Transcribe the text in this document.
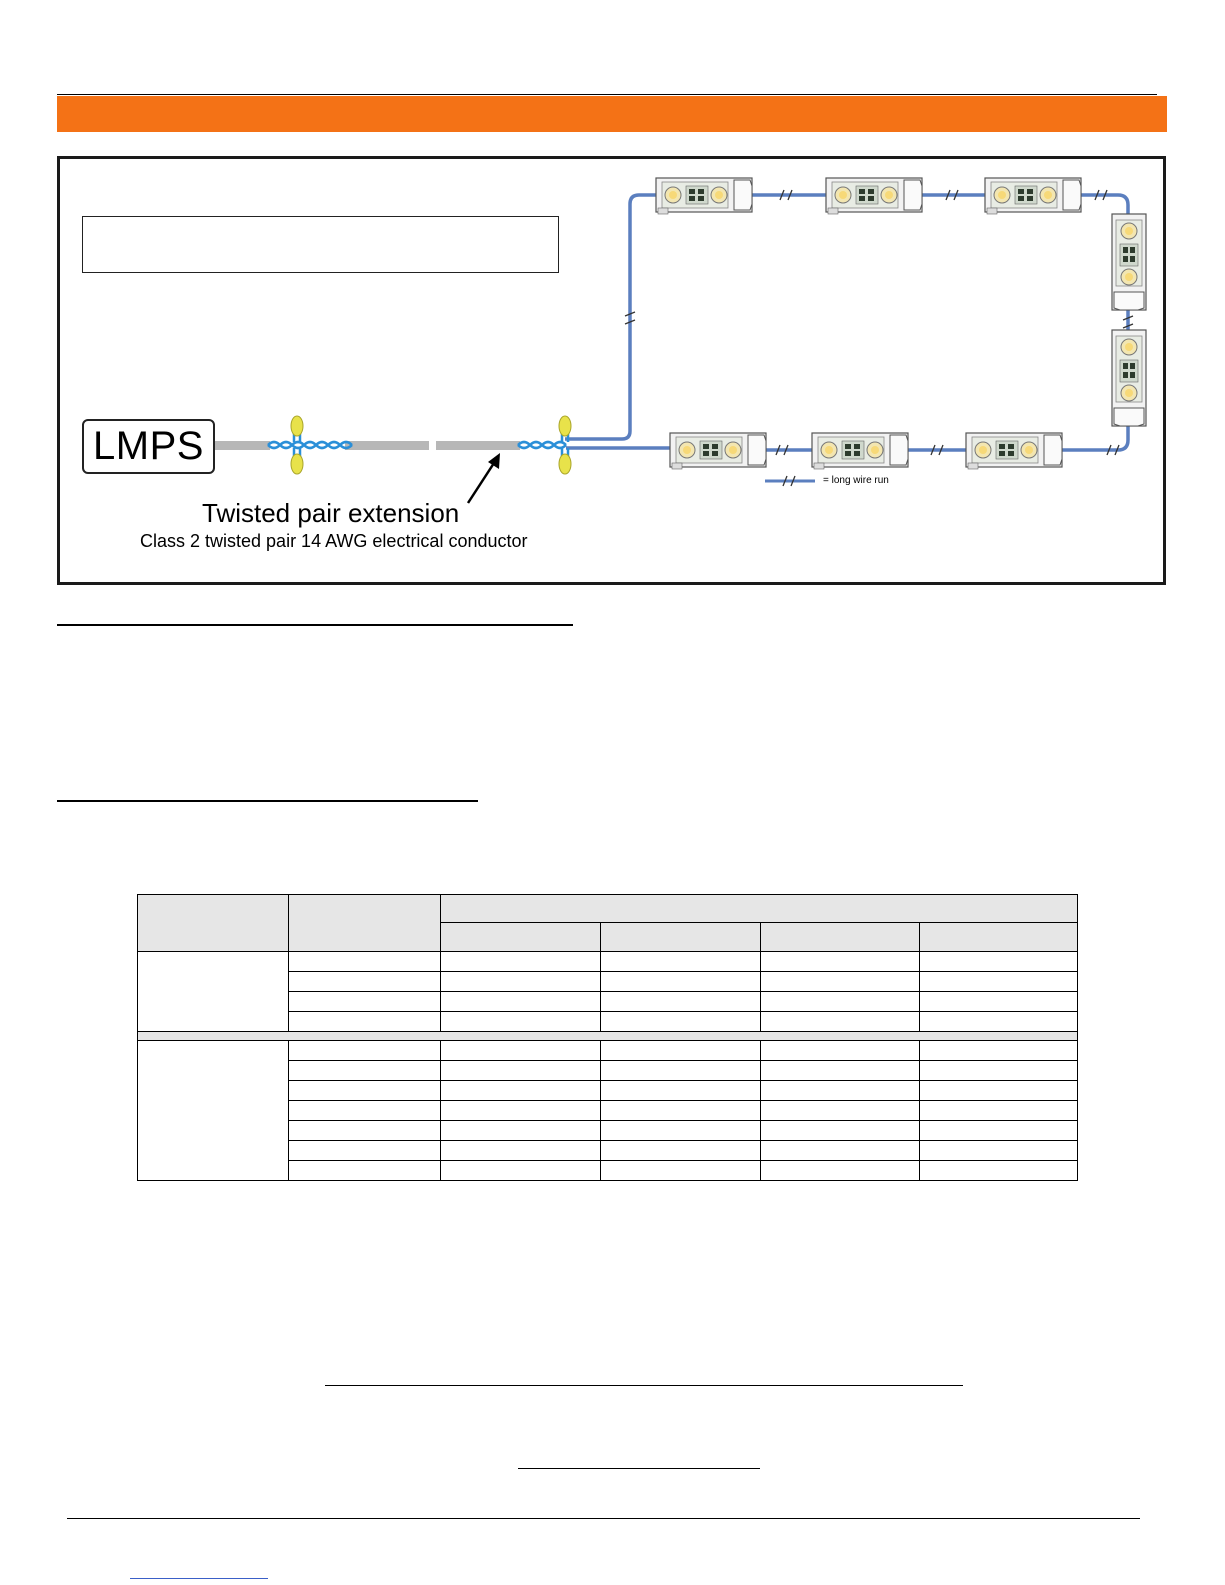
LMPS
Twisted pair extension
Class 2 twisted pair 14 AWG electrical conductor
= long wire run
